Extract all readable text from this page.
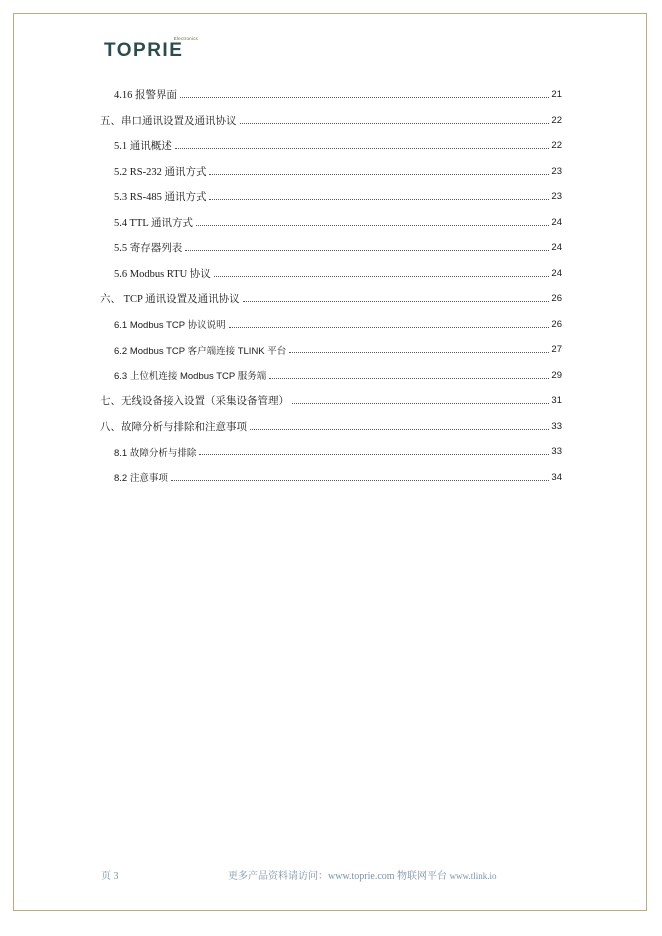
Electronics
TOPRIE
4.16 报警界面	21
五、串口通讯设置及通讯协议	22
5.1 通讯概述	22
5.2 RS-232 通讯方式	23
5.3 RS-485 通讯方式	23
5.4 TTL 通讯方式	24
5.5 寄存器列表	24
5.6 Modbus RTU 协议	24
六、 TCP 通讯设置及通讯协议	26
6.1 Modbus TCP 协议说明	26
6.2 Modbus TCP 客户端连接 TLINK 平台	27
6.3 上位机连接 Modbus TCP 服务端	29
七、无线设备接入设置（采集设备管理）	31
八、故障分析与排除和注意事项	33
8.1 故障分析与排除	33
8.2 注意事项	34
页 3	更多产品资料请访问：www.toprie.com 物联网平台 www.tlink.io
